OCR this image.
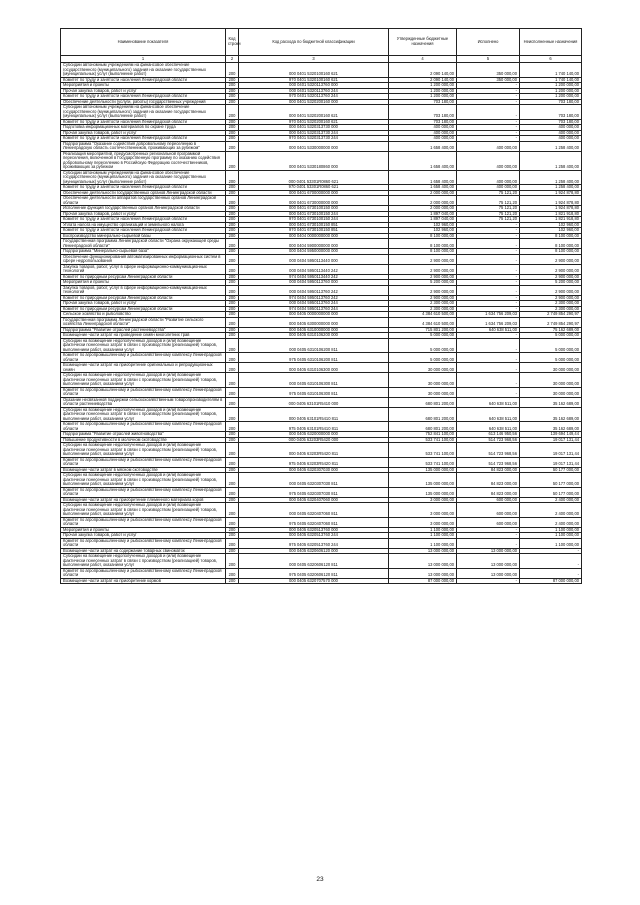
Наименование показателя	Код строки	Код расхода по бюджетной классификации	Утвержденные бюджетные назначения	Исполнено	Неисполненные назначения
1	2	3	4	5	6
Субсидии автономным учреждениям на финансовое обеспечение государственного (муниципального) задания на оказание государственных (муниципальных) услуг (выполнение работ)	200	000 0401 5320100160 621	2 090 140,00	350 000,00	1 740 140,00
Комитет по труду и занятости населения Ленинградской области	200	970 0401 5320100160 621	2 090 140,00	350 000,00	1 740 140,00
Мероприятия и проекты	200	000 0401 5320113760 000	1 200 000,00	-	1 200 000,00
Прочая закупка товаров, работ и услуг	200	000 0401 5320113760 244	1 200 000,00	-	1 200 000,00
Комитет по труду и занятости населения Ленинградской области	200	970 0401 5320113760 244	1 200 000,00	-	1 200 000,00
Обеспечение деятельности (услуги, работы) государственных учреждений	200	000 0401 5320200160 000	703 180,00	-	703 180,00
Субсидии автономным учреждениям на финансовое обеспечение государственного (муниципального) задания на оказание государственных (муниципальных) услуг (выполнение работ)	200	000 0401 5320200160 621	703 180,00	-	703 180,00
Комитет по труду и занятости населения Ленинградской области	200	970 0401 5320200160 621	703 180,00	-	703 180,00
Подготовка информационных материалов по охране труда	200	000 0401 5320313730 000	400 000,00	-	400 000,00
Прочая закупка товаров, работ и услуг	200	000 0401 5320313730 244	400 000,00	-	400 000,00
Комитет по труду и занятости населения Ленинградской области	200	970 0401 5320313730 244	400 000,00	-	400 000,00
Подпрограмма "Оказание содействия добровольному переселению в Ленинградскую область соотечественников, проживающих за рубежом"	200	000 0401 5330000000 000	1 658 400,00	400 000,00	1 258 400,00
Реализация мероприятий, предусмотренных региональной программой переселения, включенной в Государственную программу по оказанию содействия добровольному переселению в Российскую Федерацию соотечественников, проживающих за рубежом	200	000 0401 5330180860 000	1 658 400,00	400 000,00	1 258 400,00
Субсидии автономным учреждениям на финансовое обеспечение государственного (муниципального) задания на оказание государственных (муниципальных) услуг (выполнение работ)	200	000 0401 53301R0860 621	1 658 400,00	400 000,00	1 258 400,00
Комитет по труду и занятости населения Ленинградской области	200	970 0401 53301R0860 621	1 658 400,00	400 000,00	1 258 400,00
Обеспечение деятельности государственных органов Ленинградской области	200	000 0401 6700000000 000	2 000 000,00	75 121,20	1 924 878,80
Обеспечение деятельности аппаратов государственных органов Ленинградской области	200	000 0401 6730000000 000	2 000 000,00	75 121,20	1 924 878,80
Исполнение функций государственных органов Ленинградской области	200	000 0401 6730100150 000	2 000 000,00	75 121,20	1 924 878,80
Прочая закупка товаров, работ и услуг	200	000 0401 6730100150 244	1 897 040,00	75 121,20	1 821 918,80
Комитет по труду и занятости населения Ленинградской области	200	970 0401 6730100150 244	1 897 040,00	75 121,20	1 821 918,80
Уплата налога на имущество организаций и земельного налога	200	000 0401 6730100150 851	102 960,00	-	102 960,00
Комитет по труду и занятости населения Ленинградской области	200	970 0401 6730100150 851	102 960,00	-	102 960,00
Воспроизводство минерально-сырьевой базы	200	000 0404 0000000000 000	8 100 000,00	-	8 100 000,00
Государственная программа Ленинградской области "Охрана окружающей среды Ленинградской области"	200	000 0404 5900000000 000	8 100 000,00	-	8 100 000,00
Подпрограмма "Минерально-сырьевая база"	200	000 0404 5950000000 000	8 100 000,00	-	8 100 000,00
Обеспечение функционирования автоматизированных информационных систем в сфере недропользования	200	000 0404 5950113440 000	2 900 000,00	-	2 900 000,00
Закупка товаров, работ, услуг в сфере информационно-коммуникационных технологий	200	000 0404 5950113440 242	2 900 000,00	-	2 900 000,00
Комитет по природным ресурсам Ленинградской области	200	974 0404 5950113440 242	2 900 000,00	-	2 900 000,00
Мероприятия и проекты	200	000 0404 5950113760 000	5 200 000,00	-	5 200 000,00
Закупка товаров, работ, услуг в сфере информационно-коммуникационных технологий	200	000 0404 5950113760 242	2 900 000,00	-	2 900 000,00
Комитет по природным ресурсам Ленинградской области	200	974 0404 5950113760 242	2 900 000,00	-	2 900 000,00
Прочая закупка товаров, работ и услуг	200	000 0404 5950113760 244	2 300 000,00	-	2 300 000,00
Комитет по природным ресурсам Ленинградской области	200	974 0404 5950113760 244	2 300 000,00	-	2 300 000,00
Сельское хозяйство и рыболовство	200	000 0405 0000000000 000	4 384 610 500,00	1 634 756 209,03	2 749 854 290,97
Государственная программа Ленинградской области "Развитие сельского хозяйства Ленинградской области"	200	000 0405 6300000000 000	4 384 610 500,00	1 634 756 209,03	2 749 854 290,97
Подпрограмма "Развитие отраслей растениеводства"	200	000 0405 6310000000 000	715 801 200,00	640 638 511,00	75 162 689,00
Возмещение части затрат на проведение семян многолетних трав	200	000 0405 6310106200 000	5 000 000,00	-	5 000 000,00
Субсидии на возмещение недополученных доходов и (или) возмещение фактически понесенных затрат в связи с производством (реализацией) товаров, выполнением работ, оказанием услуг	200	000 0405 6310106200 811	5 000 000,00	-	5 000 000,00
Комитет по агропромышленному и рыбохозяйственному комплексу Ленинградской области	200	975 0405 6310106200 811	5 000 000,00	-	5 000 000,00
Возмещение части затрат на приобретение оригинальных и репродукционных семян	200	000 0405 6310106300 000	30 000 000,00	-	30 000 000,00
Субсидии на возмещение недополученных доходов и (или) возмещение фактически понесенных затрат в связи с производством (реализацией) товаров, выполнением работ, оказанием услуг	200	000 0405 6310106300 811	30 000 000,00	-	30 000 000,00
Комитет по агропромышленному и рыбохозяйственному комплексу Ленинградской области	200	975 0405 6310106300 811	30 000 000,00	-	30 000 000,00
Оказание несвязанной поддержки сельскохозяйственным товаропроизводителям в области растениеводства	200	000 0405 63101R5410 000	680 801 200,00	640 638 511,00	35 162 689,00
Субсидии на возмещение недополученных доходов и (или) возмещение фактически понесенных затрат в связи с производством (реализацией) товаров, выполнением работ, оказанием услуг	200	000 0405 63101R5410 811	680 801 200,00	640 638 511,00	35 162 689,00
Комитет по агропромышленному и рыбохозяйственному комплексу Ленинградской области	200	975 0405 63101R5410 811	680 801 200,00	640 638 511,00	35 162 689,00
Подпрограмма "Развитие отраслей животноводства"	200	000 0405 6320000000 000	752 841 100,00	613 146 950,56	139 694 149,44
Повышение продуктивности в молочном скотоводстве	200	000 0405 63203R5420 000	533 741 100,00	514 723 968,56	19 017 131,44
Субсидии на возмещение недополученных доходов и (или) возмещение фактически понесенных затрат в связи с производством (реализацией) товаров, выполнением работ, оказанием услуг	200	000 0405 63203R5420 811	533 741 100,00	514 723 968,56	19 017 131,44
Комитет по агропромышленному и рыбохозяйственному комплексу Ленинградской области	200	975 0405 63203R5420 811	533 741 100,00	514 723 968,56	19 017 131,44
Возмещение части затрат в мясном скотоводстве	200	000 0405 6320307030 000	135 000 000,00	84 823 000,00	50 177 000,00
Субсидии на возмещение недополученных доходов и (или) возмещение фактически понесенных затрат в связи с производством (реализацией) товаров, выполнением работ, оказанием услуг	200	000 0405 6320307030 811	135 000 000,00	84 823 000,00	50 177 000,00
Комитет по агропромышленному и рыбохозяйственному комплексу Ленинградской области	200	975 0405 6320307030 811	135 000 000,00	84 823 000,00	50 177 000,00
Возмещение части затрат на приобретение племенного материала коров	200	000 0405 6320407060 000	3 000 000,00	600 000,00	2 400 000,00
Субсидии на возмещение недополученных доходов и (или) возмещение фактически понесенных затрат в связи с производством (реализацией) товаров, выполнением работ, оказанием услуг	200	000 0405 6320407060 811	3 000 000,00	600 000,00	2 400 000,00
Комитет по агропромышленному и рыбохозяйственному комплексу Ленинградской области	200	975 0405 6320407060 811	3 000 000,00	600 000,00	2 400 000,00
Мероприятия и проекты	200	000 0405 6320513760 000	1 100 000,00	-	1 100 000,00
Прочая закупка товаров, работ и услуг	200	000 0405 6320513760 244	1 100 000,00	-	1 100 000,00
Комитет по агропромышленному и рыбохозяйственному комплексу Ленинградской области	200	975 0405 6320513760 244	1 100 000,00	-	1 100 000,00
Возмещение части затрат на содержание товарных свиноматок	200	000 0405 6320606120 000	13 000 000,00	13 000 000,00	-
Субсидии на возмещение недополученных доходов и (или) возмещение фактически понесенных затрат в связи с производством (реализацией) товаров, выполнением работ, оказанием услуг	200	000 0405 6320606120 811	13 000 000,00	13 000 000,00	-
Комитет по агропромышленному и рыбохозяйственному комплексу Ленинградской области	200	975 0405 6320606120 811	13 000 000,00	13 000 000,00	-
Возмещение части затрат на приобретение кормов	200	000 0405 6320707570 000	87 000 000,00	-	87 000 000,00
23
